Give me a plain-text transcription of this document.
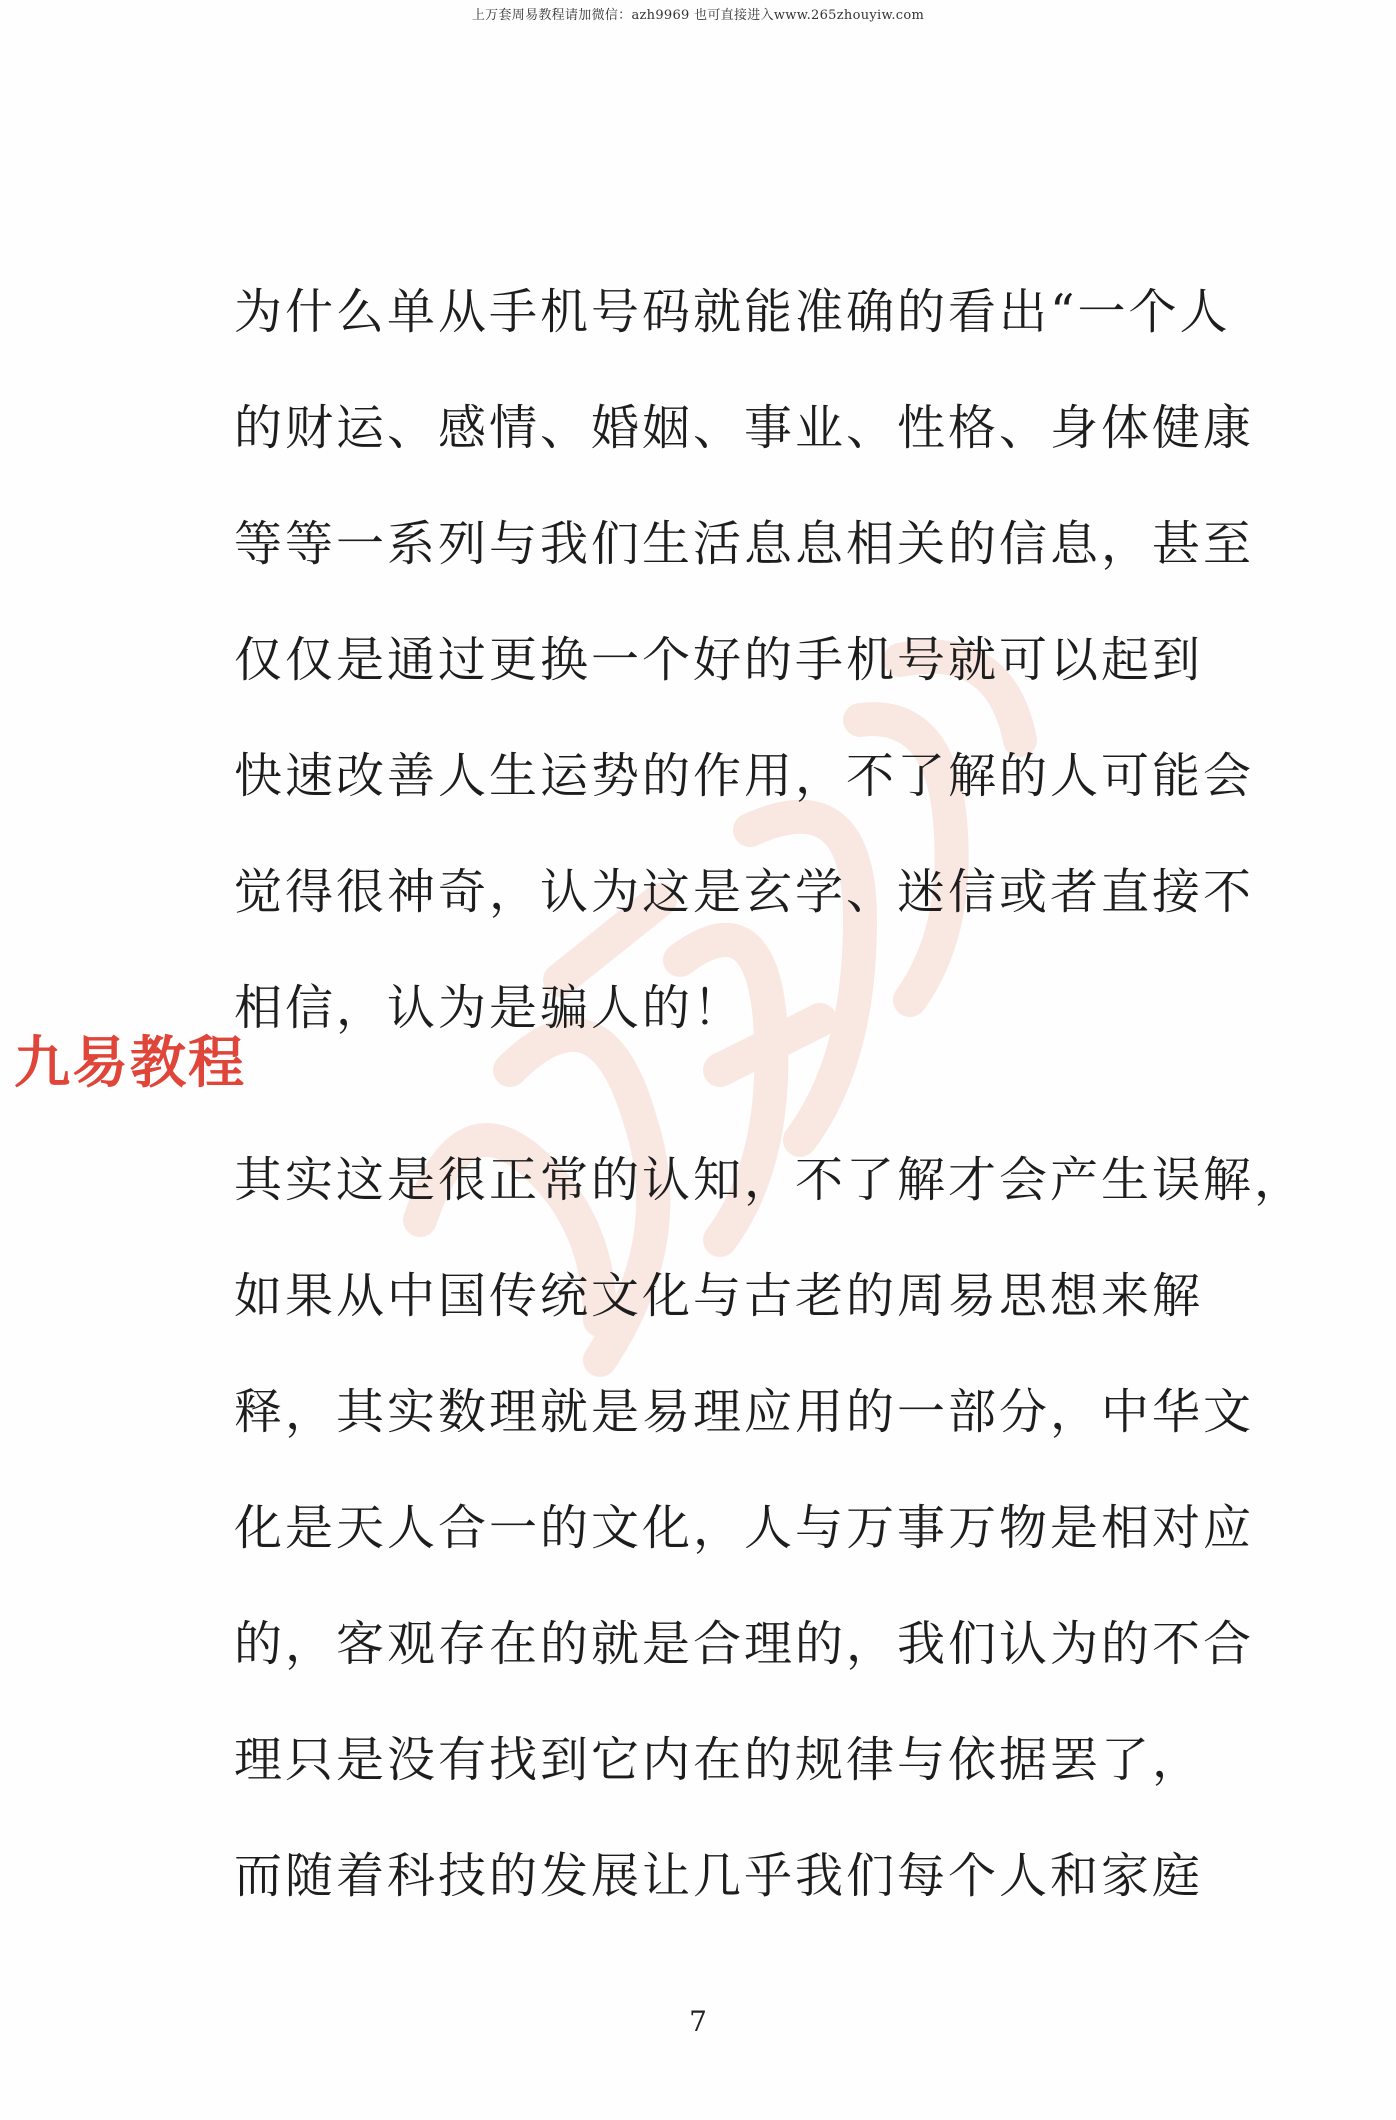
上万套周易教程请加微信：azh9969 也可直接进入www.265zhouyiw.com
九易教程
为什么单从手机号码就能准确的看出“一个人
的财运、感情、婚姻、事业、性格、身体健康
等等一系列与我们生活息息相关的信息，甚至
仅仅是通过更换一个好的手机号就可以起到
快速改善人生运势的作用，不了解的人可能会
觉得很神奇，认为这是玄学、迷信或者直接不
相信，认为是骗人的！
其实这是很正常的认知，不了解才会产生误解，
如果从中国传统文化与古老的周易思想来解
释，其实数理就是易理应用的一部分，中华文
化是天人合一的文化，人与万事万物是相对应
的，客观存在的就是合理的，我们认为的不合
理只是没有找到它内在的规律与依据罢了，
而随着科技的发展让几乎我们每个人和家庭
7
